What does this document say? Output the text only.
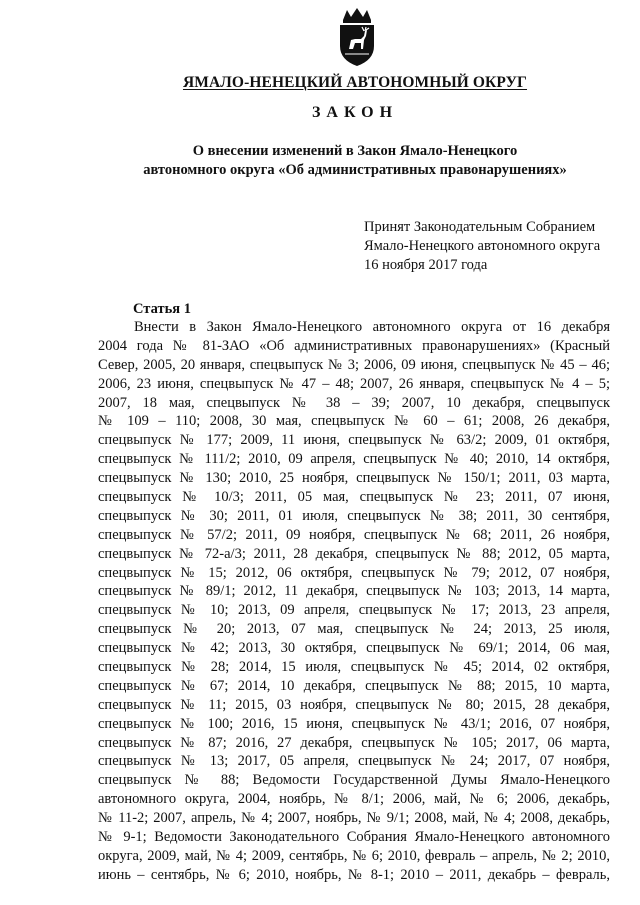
ЯМАЛО-НЕНЕЦКИЙ АВТОНОМНЫЙ ОКРУГ
ЗАКОН
О внесении изменений в Закон Ямало-Ненецкого
автономного округа «Об административных правонарушениях»
Принят Законодательным Собранием
Ямало-Ненецкого автономного округа
16 ноября 2017 года
Статья 1
Внести в Закон Ямало-Ненецкого автономного округа от 16 декабря
2004 года № 81-ЗАО «Об административных правонарушениях» (Красный
Север, 2005, 20 января, спецвыпуск № 3; 2006, 09 июня, спецвыпуск № 45 – 46;
2006, 23 июня, спецвыпуск № 47 – 48; 2007, 26 января, спецвыпуск № 4 – 5;
2007, 18 мая, спецвыпуск № 38 – 39; 2007, 10 декабря, спецвыпуск
№ 109 – 110; 2008, 30 мая, спецвыпуск № 60 – 61; 2008, 26 декабря,
спецвыпуск № 177; 2009, 11 июня, спецвыпуск № 63/2; 2009, 01 октября,
спецвыпуск № 111/2; 2010, 09 апреля, спецвыпуск № 40; 2010, 14 октября,
спецвыпуск № 130; 2010, 25 ноября, спецвыпуск № 150/1; 2011, 03 марта,
спецвыпуск № 10/3; 2011, 05 мая, спецвыпуск № 23; 2011, 07 июня,
спецвыпуск № 30; 2011, 01 июля, спецвыпуск № 38; 2011, 30 сентября,
спецвыпуск № 57/2; 2011, 09 ноября, спецвыпуск № 68; 2011, 26 ноября,
спецвыпуск № 72-а/3; 2011, 28 декабря, спецвыпуск № 88; 2012, 05 марта,
спецвыпуск № 15; 2012, 06 октября, спецвыпуск № 79; 2012, 07 ноября,
спецвыпуск № 89/1; 2012, 11 декабря, спецвыпуск № 103; 2013, 14 марта,
спецвыпуск № 10; 2013, 09 апреля, спецвыпуск № 17; 2013, 23 апреля,
спецвыпуск № 20; 2013, 07 мая, спецвыпуск № 24; 2013, 25 июля,
спецвыпуск № 42; 2013, 30 октября, спецвыпуск № 69/1; 2014, 06 мая,
спецвыпуск № 28; 2014, 15 июля, спецвыпуск № 45; 2014, 02 октября,
спецвыпуск № 67; 2014, 10 декабря, спецвыпуск № 88; 2015, 10 марта,
спецвыпуск № 11; 2015, 03 ноября, спецвыпуск № 80; 2015, 28 декабря,
спецвыпуск № 100; 2016, 15 июня, спецвыпуск № 43/1; 2016, 07 ноября,
спецвыпуск № 87; 2016, 27 декабря, спецвыпуск № 105; 2017, 06 марта,
спецвыпуск № 13; 2017, 05 апреля, спецвыпуск № 24; 2017, 07 ноября,
спецвыпуск № 88; Ведомости Государственной Думы Ямало-Ненецкого
автономного округа, 2004, ноябрь, № 8/1; 2006, май, № 6; 2006, декабрь,
№ 11-2; 2007, апрель, № 4; 2007, ноябрь, № 9/1; 2008, май, № 4; 2008, декабрь,
№ 9-1; Ведомости Законодательного Собрания Ямало-Ненецкого автономного
округа, 2009, май, № 4; 2009, сентябрь, № 6; 2010, февраль – апрель, № 2; 2010,
июнь – сентябрь, № 6; 2010, ноябрь, № 8-1; 2010 – 2011, декабрь – февраль,
